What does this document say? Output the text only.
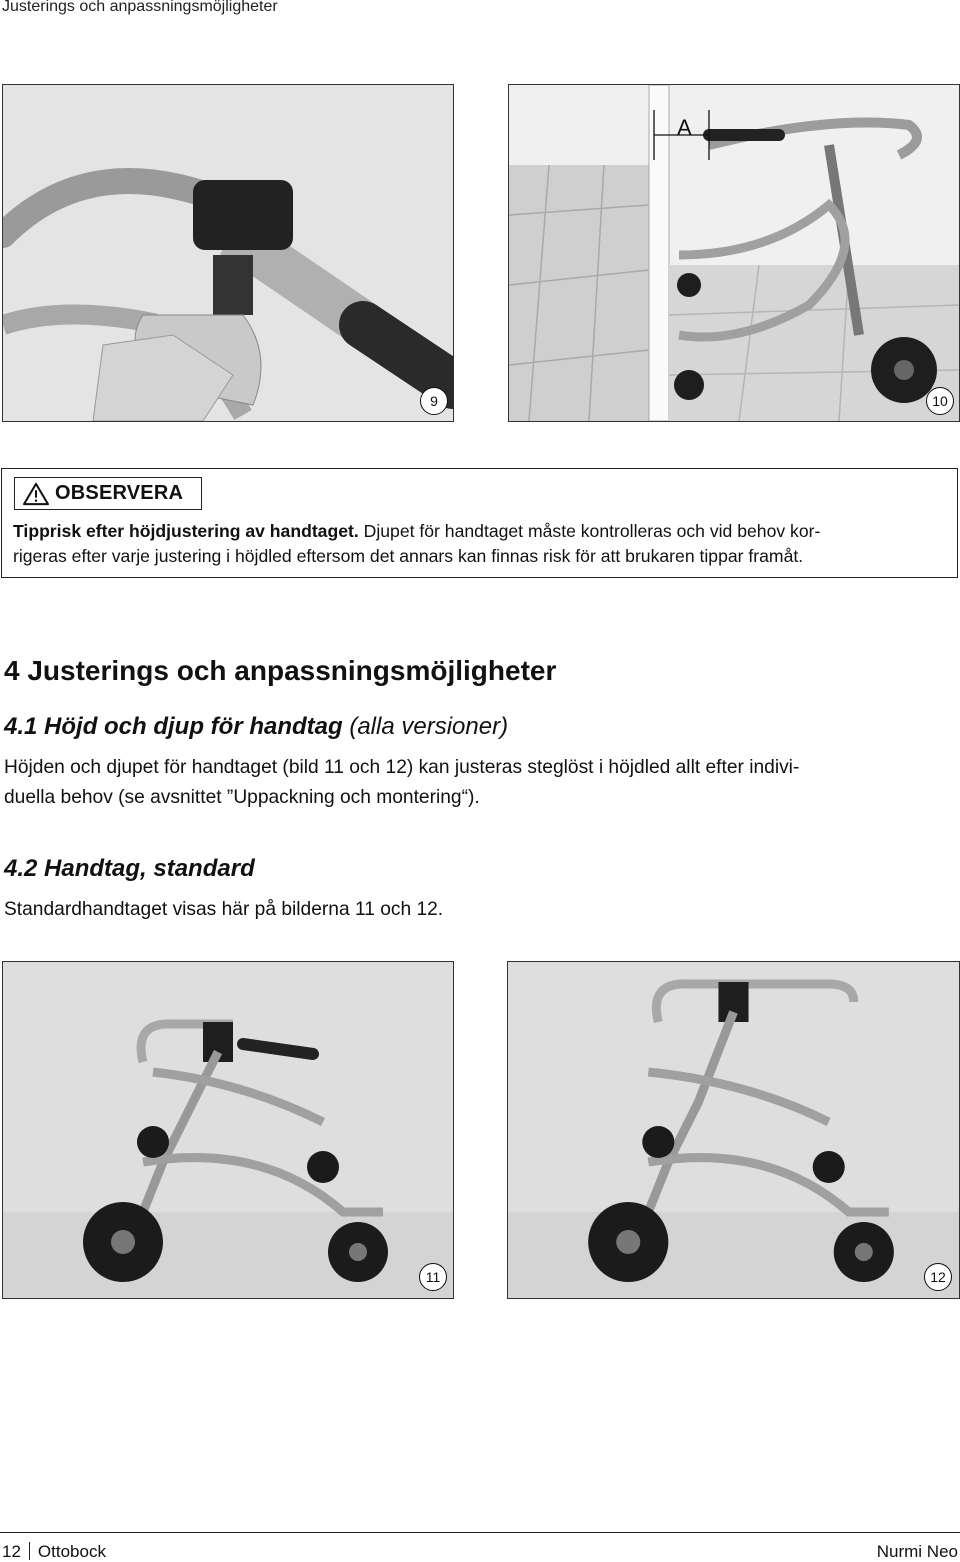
Justerings och anpassningsmöjligheter
9
A
10
OBSERVERA
Tipprisk efter höjdjustering av handtaget. Djupet för handtaget måste kontrolleras och vid behov kor-
rigeras efter varje justering i höjdled eftersom det annars kan finnas risk för att brukaren tippar framåt.
4 Justerings och anpassningsmöjligheter
4.1 Höjd och djup för handtag (alla versioner)

Höjden och djupet för handtaget (bild 11 och 12) kan justeras steglöst i höjdled allt efter indivi-
duella behov (se avsnittet ”Uppackning och montering“).

4.2 Handtag, standard

Standardhandtaget visas här på bilderna 11 och 12.

11	12
12 Ottobock	Nurmi Neo
